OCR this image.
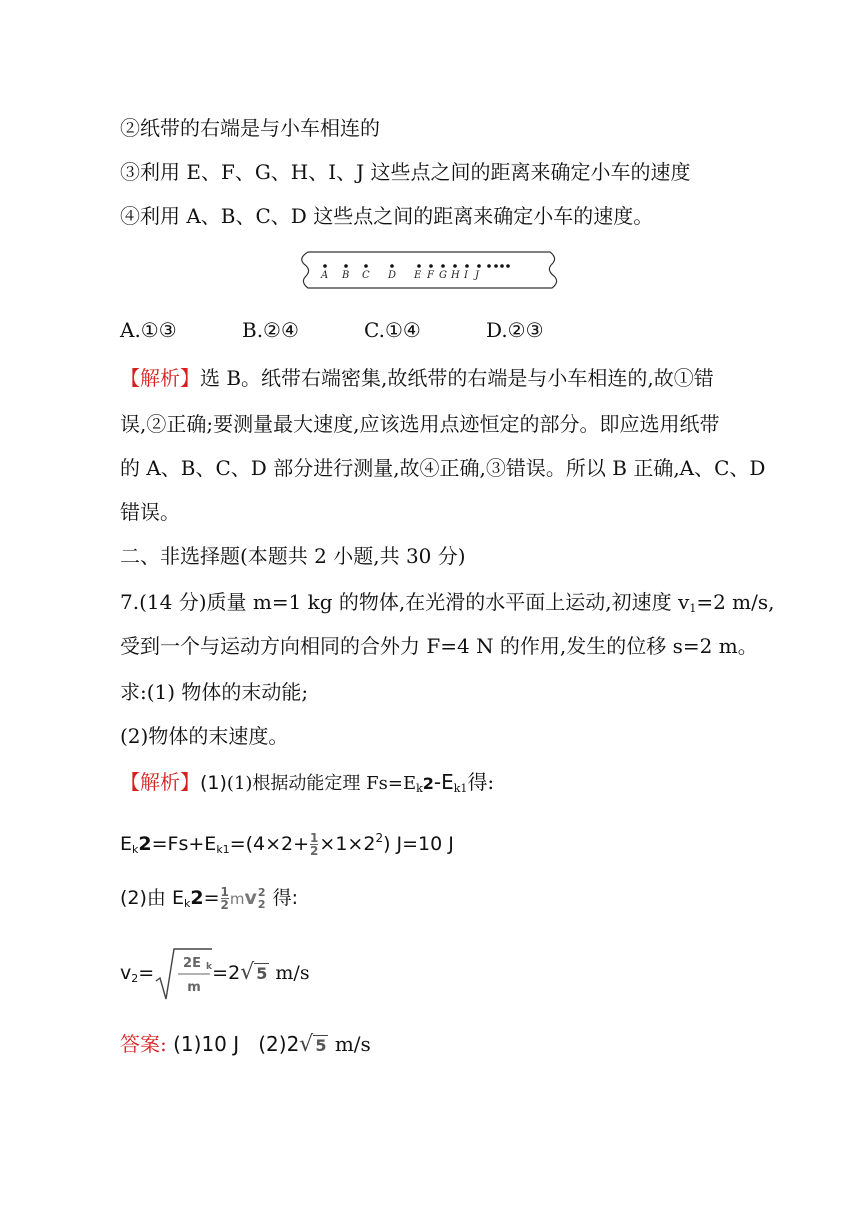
②纸带的右端是与小车相连的
③利用 E、F、G、H、I、J 这些点之间的距离来确定小车的速度
④利用 A、B、C、D 这些点之间的距离来确定小车的速度。
A B C D E F G H I J
A.①③	B.②④	C.①④	D.②③
【解析】选 B。纸带右端密集,故纸带的右端是与小车相连的,故①错
误,②正确;要测量最大速度,应该选用点迹恒定的部分。即应选用纸带
的 A、B、C、D 部分进行测量,故④正确,③错误。所以 B 正确,A、C、D
错误。
二、非选择题(本题共 2 小题,共 30 分)
7.(14 分)质量 m=1 kg 的物体,在光滑的水平面上运动,初速度 $v_1=2$ m/s,
受到一个与运动方向相同的合外力 F=4 N 的作用,发生的位移 s=2 m。
求:(1) 物体的末动能;
(2)物体的末速度。
【解析】(1)(1)根据动能定理 $Fs=E_k2-E_{k1}$得:
$E_k2=Fs+E_{k1}=(4\times 2+1$
$2\times 1\times 2^2$) J=10 J
(2)由 $E_k2=1$
2mv2
2 得:
$v_2= 2E$ k
m
=2√ 5 m/s
答案: (1)10 J (2)2√ 5 m/s
